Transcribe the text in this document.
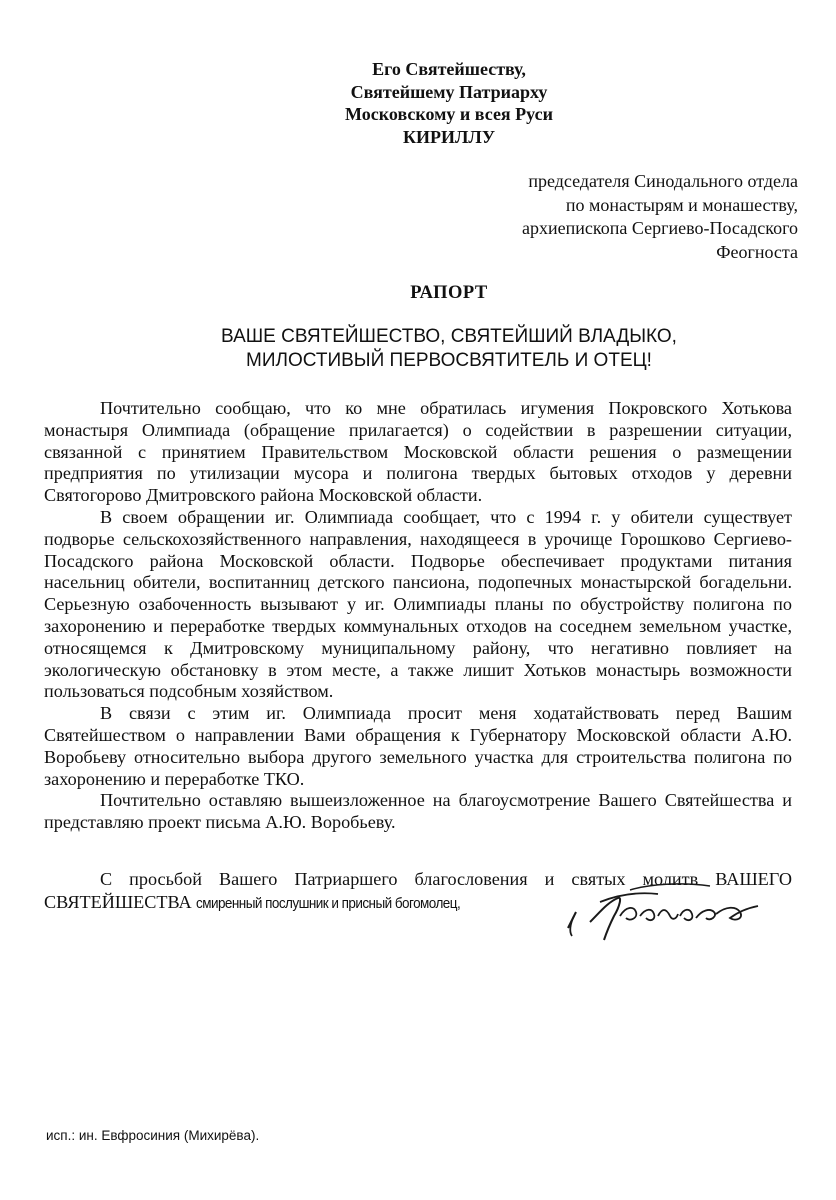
Его Святейшеству,
Святейшему Патриарху
Московскому и всея Руси
КИРИЛЛУ
председателя Синодального отдела
по монастырям и монашеству,
архиепископа Сергиево-Посадского
Феогноста
РАПОРТ
ВАШЕ СВЯТЕЙШЕСТВО, СВЯТЕЙШИЙ ВЛАДЫКО,
МИЛОСТИВЫЙ ПЕРВОСВЯТИТЕЛЬ И ОТЕЦ!

Почтительно сообщаю, что ко мне обратилась игумения Покровского Хотькова монастыря Олимпиада (обращение прилагается) о содействии в разрешении ситуации, связанной с принятием Правительством Московской области решения о размещении предприятия по утилизации мусора и полигона твердых бытовых отходов у деревни Святогорово Дмитровского района Московской области.

В своем обращении иг. Олимпиада сообщает, что с 1994 г. у обители существует подворье сельскохозяйственного направления, находящееся в урочище Горошково Сергиево-Посадского района Московской области. Подворье обеспечивает продуктами питания насельниц обители, воспитанниц детского пансиона, подопечных монастырской богадельни. Серьезную озабоченность вызывают у иг. Олимпиады планы по обустройству полигона по захоронению и переработке твердых коммунальных отходов на соседнем земельном участке, относящемся к Дмитровскому муниципальному району, что негативно повлияет на экологическую обстановку в этом месте, а также лишит Хотьков монастырь возможности пользоваться подсобным хозяйством.

В связи с этим иг. Олимпиада просит меня ходатайствовать перед Вашим Святейшеством о направлении Вами обращения к Губернатору Московской области А.Ю. Воробьеву относительно выбора другого земельного участка для строительства полигона по захоронению и переработке ТКО.

Почтительно оставляю вышеизложенное на благоусмотрение Вашего Святейшества и представляю проект письма А.Ю. Воробьеву.

С просьбой Вашего Патриаршего благословения и святых молитв ВАШЕГО
СВЯТЕЙШЕСТВА смиренный послушник и присный богомолец,
исп.: ин. Евфросиния (Михирёва).
